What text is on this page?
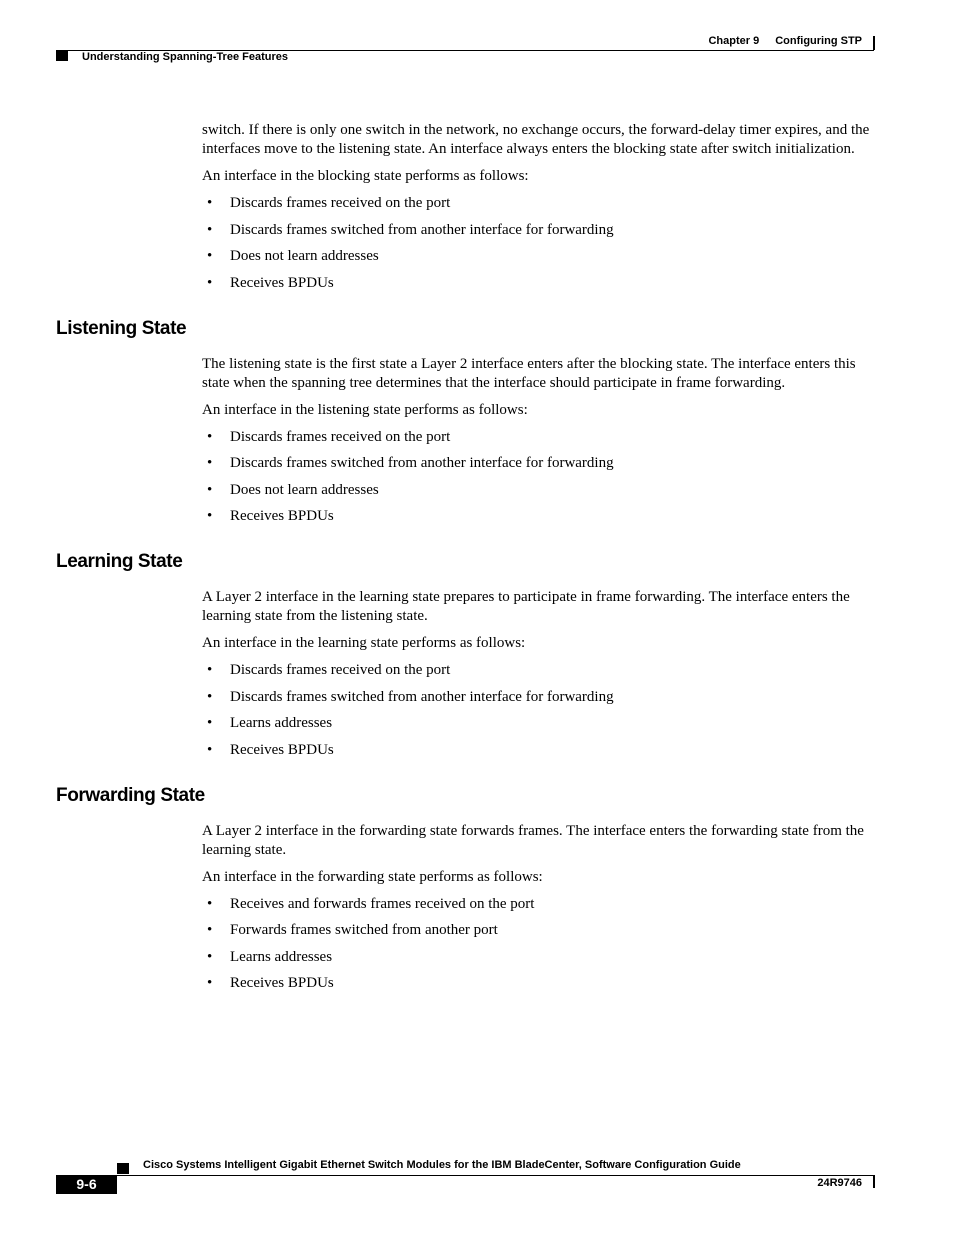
Chapter 9 Configuring STP
Understanding Spanning-Tree Features

switch. If there is only one switch in the network, no exchange occurs, the forward-delay timer expires, and the interfaces move to the listening state. An interface always enters the blocking state after switch initialization.

An interface in the blocking state performs as follows:

• Discards frames received on the port
• Discards frames switched from another interface for forwarding
• Does not learn addresses
• Receives BPDUs
Listening State

The listening state is the first state a Layer 2 interface enters after the blocking state. The interface enters this state when the spanning tree determines that the interface should participate in frame forwarding.

An interface in the listening state performs as follows:

• Discards frames received on the port
• Discards frames switched from another interface for forwarding
• Does not learn addresses
• Receives BPDUs
Learning State

A Layer 2 interface in the learning state prepares to participate in frame forwarding. The interface enters the learning state from the listening state.

An interface in the learning state performs as follows:

• Discards frames received on the port
• Discards frames switched from another interface for forwarding
• Learns addresses
• Receives BPDUs
Forwarding State

A Layer 2 interface in the forwarding state forwards frames. The interface enters the forwarding state from the learning state.

An interface in the forwarding state performs as follows:

• Receives and forwards frames received on the port
• Forwards frames switched from another port
• Learns addresses
• Receives BPDUs
Cisco Systems Intelligent Gigabit Ethernet Switch Modules for the IBM BladeCenter, Software Configuration Guide
9-6	24R9746
